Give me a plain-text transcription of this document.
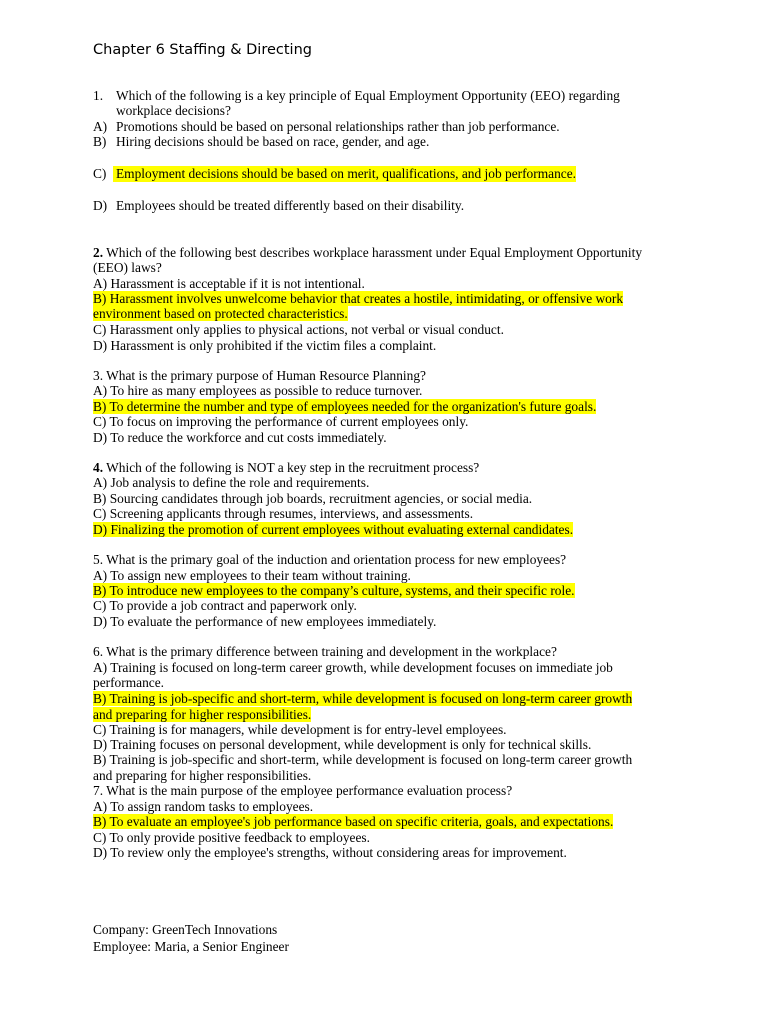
Chapter 6 Staffing & Directing
1. Which of the following is a key principle of Equal Employment Opportunity (EEO) regarding
workplace decisions?
A) Promotions should be based on personal relationships rather than job performance.
B) Hiring decisions should be based on race, gender, and age.
C) Employment decisions should be based on merit, qualifications, and job performance.
D) Employees should be treated differently based on their disability.
2. Which of the following best describes workplace harassment under Equal Employment Opportunity
(EEO) laws?
A) Harassment is acceptable if it is not intentional.
B) Harassment involves unwelcome behavior that creates a hostile, intimidating, or offensive work
environment based on protected characteristics.
C) Harassment only applies to physical actions, not verbal or visual conduct.
D) Harassment is only prohibited if the victim files a complaint.
3. What is the primary purpose of Human Resource Planning?
A) To hire as many employees as possible to reduce turnover.
B) To determine the number and type of employees needed for the organization's future goals.
C) To focus on improving the performance of current employees only.
D) To reduce the workforce and cut costs immediately.
4. Which of the following is NOT a key step in the recruitment process?
A) Job analysis to define the role and requirements.
B) Sourcing candidates through job boards, recruitment agencies, or social media.
C) Screening applicants through resumes, interviews, and assessments.
D) Finalizing the promotion of current employees without evaluating external candidates.
5. What is the primary goal of the induction and orientation process for new employees?
A) To assign new employees to their team without training.
B) To introduce new employees to the company’s culture, systems, and their specific role.
C) To provide a job contract and paperwork only.
D) To evaluate the performance of new employees immediately.
6. What is the primary difference between training and development in the workplace?
A) Training is focused on long-term career growth, while development focuses on immediate job
performance.
B) Training is job-specific and short-term, while development is focused on long-term career growth
and preparing for higher responsibilities.
C) Training is for managers, while development is for entry-level employees.
D) Training focuses on personal development, while development is only for technical skills.
B) Training is job-specific and short-term, while development is focused on long-term career growth
and preparing for higher responsibilities.
7. What is the main purpose of the employee performance evaluation process?
A) To assign random tasks to employees.
B) To evaluate an employee's job performance based on specific criteria, goals, and expectations.
C) To only provide positive feedback to employees.
D) To review only the employee's strengths, without considering areas for improvement.
Company: GreenTech Innovations
Employee: Maria, a Senior Engineer
